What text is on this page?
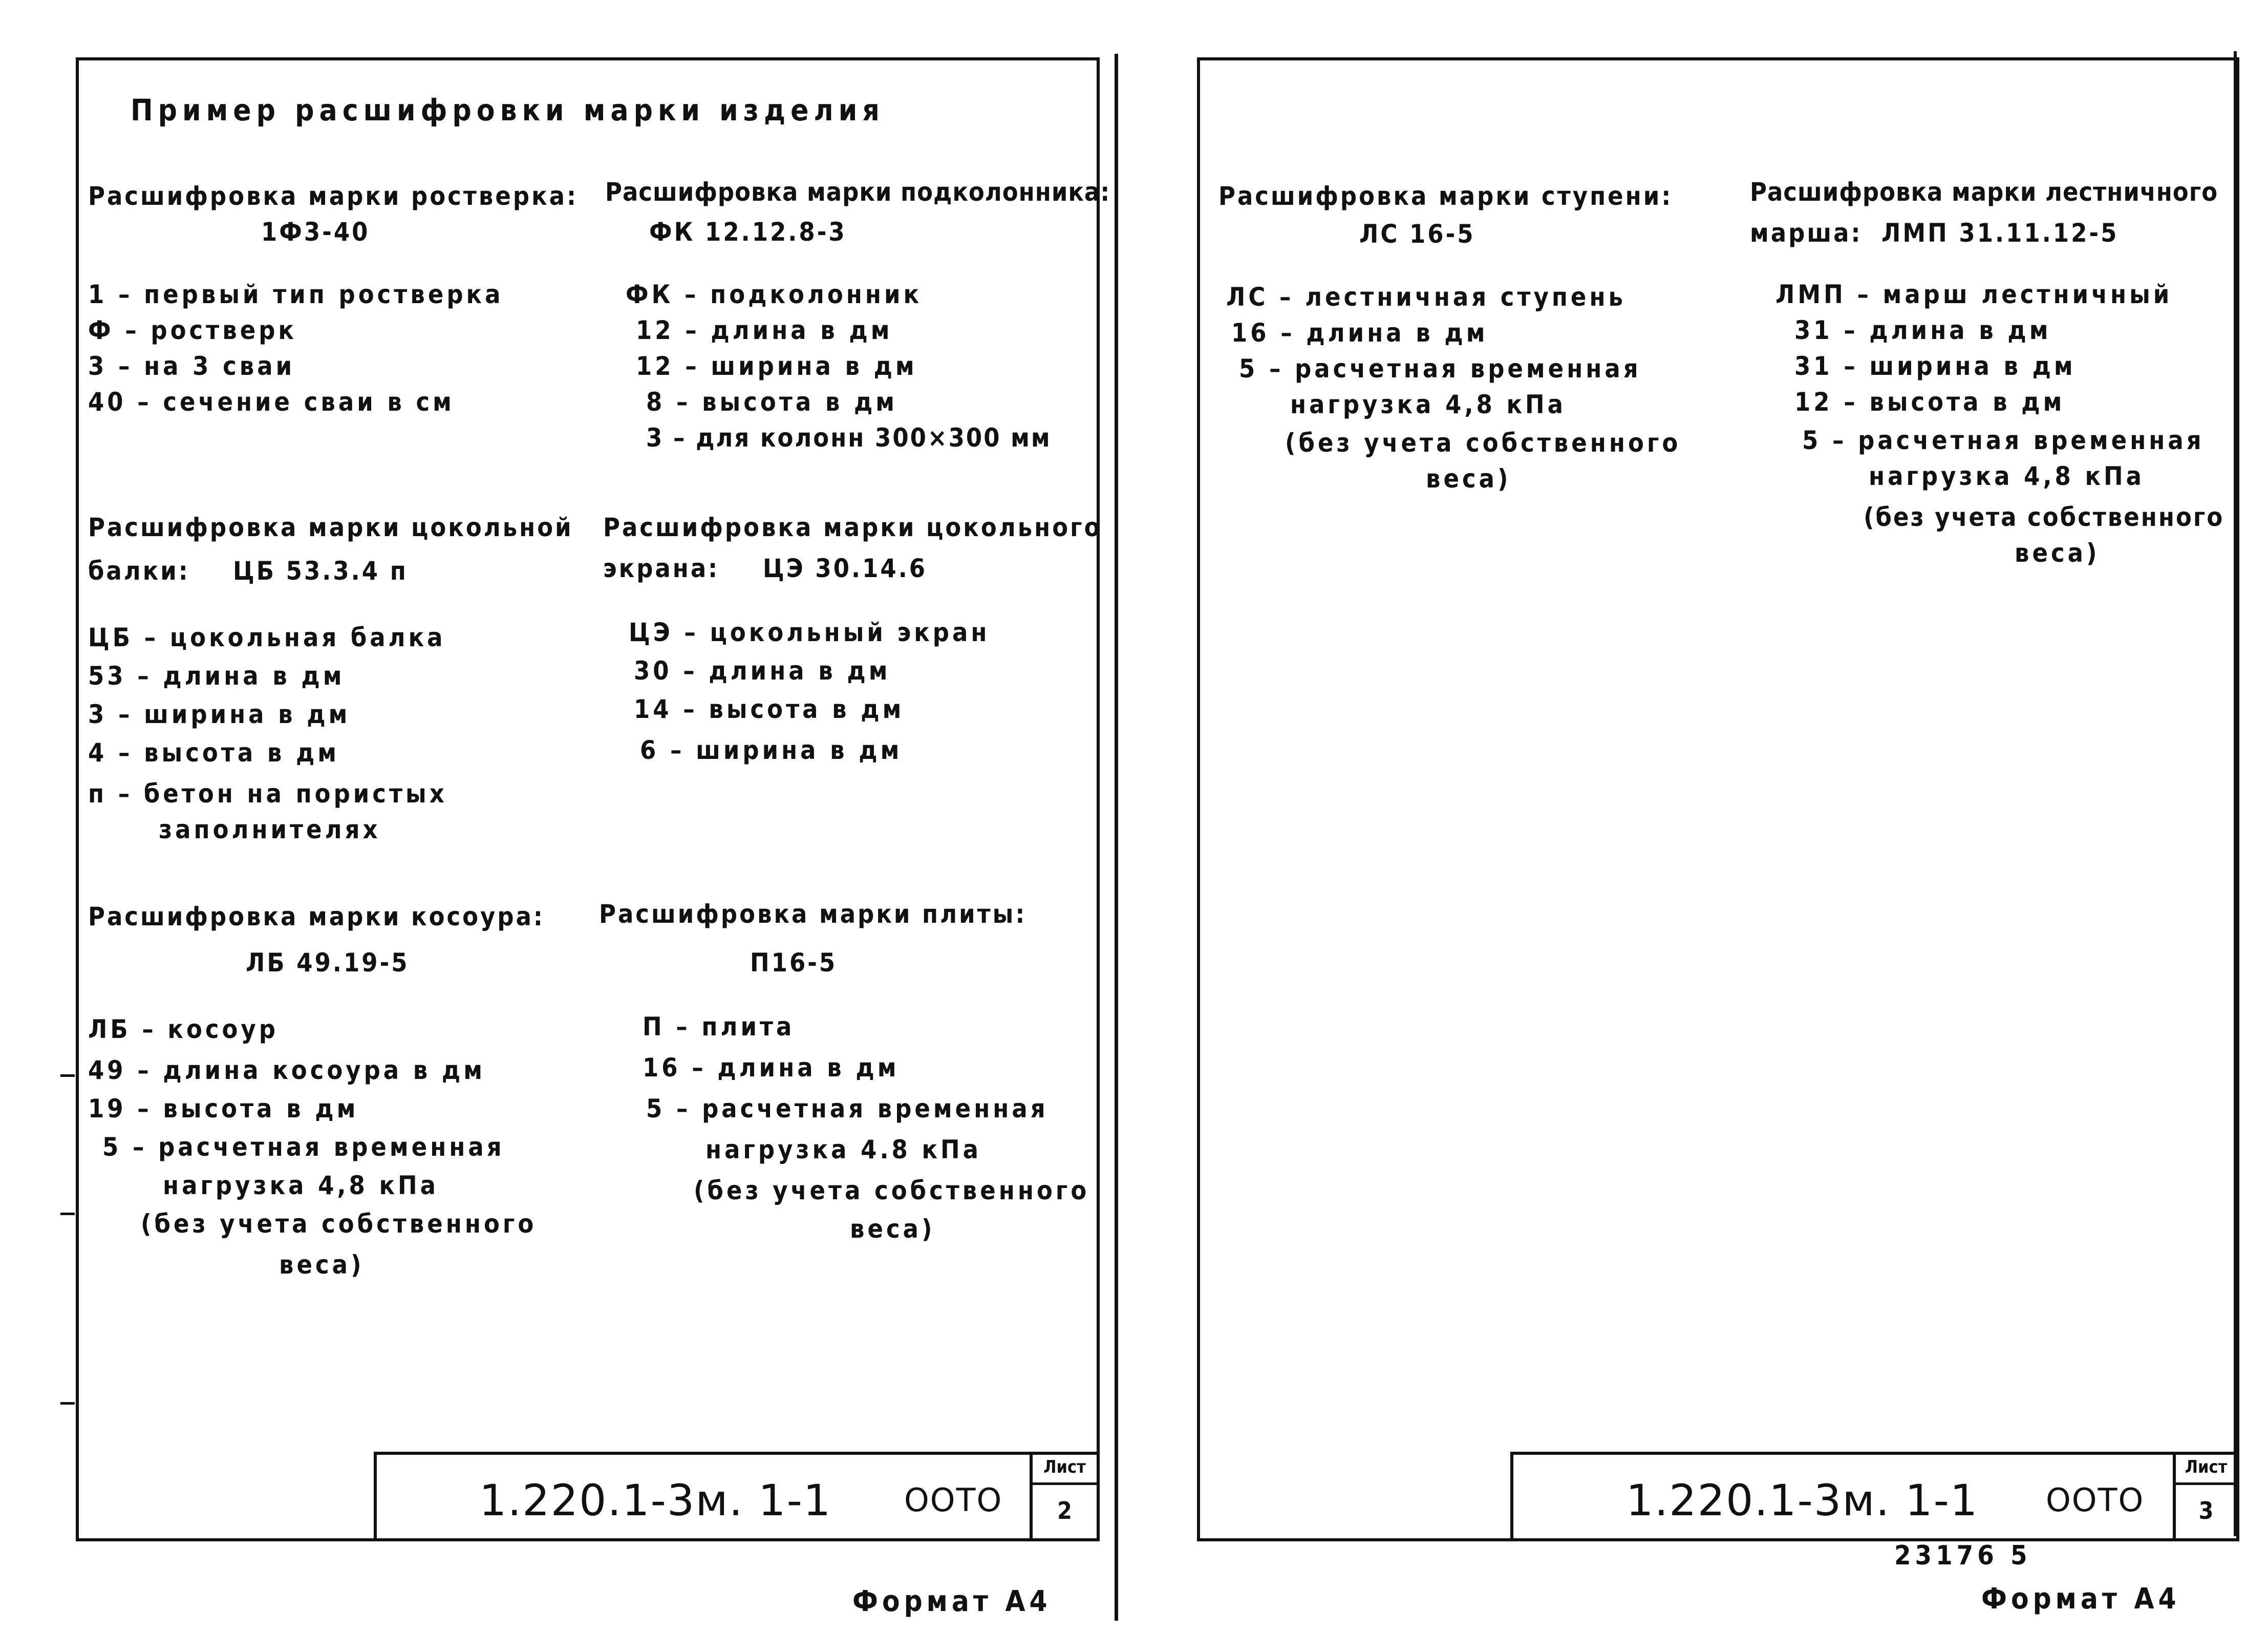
Пример расшифровки марки изделия
Расшифровка марки ростверка:
1Ф3-40
1 – первый тип ростверка
Ф – ростверк
3 – на 3 сваи
40 – сечение сваи в см
Расшифровка марки подколонника:
ФК 12.12.8-3
ФК – подколонник
12 – длина в дм
12 – ширина в дм
8 – высота в дм
3 – для колонн 300×300 мм
Расшифровка марки цокольной
балки: ЦБ 53.3.4 п
ЦБ – цокольная балка
53 – длина в дм
3 – ширина в дм
4 – высота в дм
п – бетон на пористых
заполнителях
Расшифровка марки цокольного
экрана: ЦЭ 30.14.6
ЦЭ – цокольный экран
30 – длина в дм
14 – высота в дм
6 – ширина в дм
Расшифровка марки косоура:
ЛБ 49.19-5
ЛБ – косоур
49 – длина косоура в дм
19 – высота в дм
5 – расчетная временная
нагрузка 4,8 кПа
(без учета собственного
веса)
Расшифровка марки плиты:
П16-5
П – плита
16 – длина в дм
5 – расчетная временная
нагрузка 4.8 кПа
(без учета собственного
веса)
1.220.1-3м. 1-1 ООТО
Лист
2
Формат А4
Расшифровка марки ступени:
ЛС 16-5
ЛС – лестничная ступень
16 – длина в дм
5 – расчетная временная
нагрузка 4,8 кПа
(без учета собственного
веса)
Расшифровка марки лестничного
марша: ЛМП 31.11.12-5
ЛМП – марш лестничный
31 – длина в дм
31 – ширина в дм
12 – высота в дм
5 – расчетная временная
нагрузка 4,8 кПа
(без учета собственного
веса)
1.220.1-3м. 1-1 ООТО
Лист
3
23176 5
Формат А4
